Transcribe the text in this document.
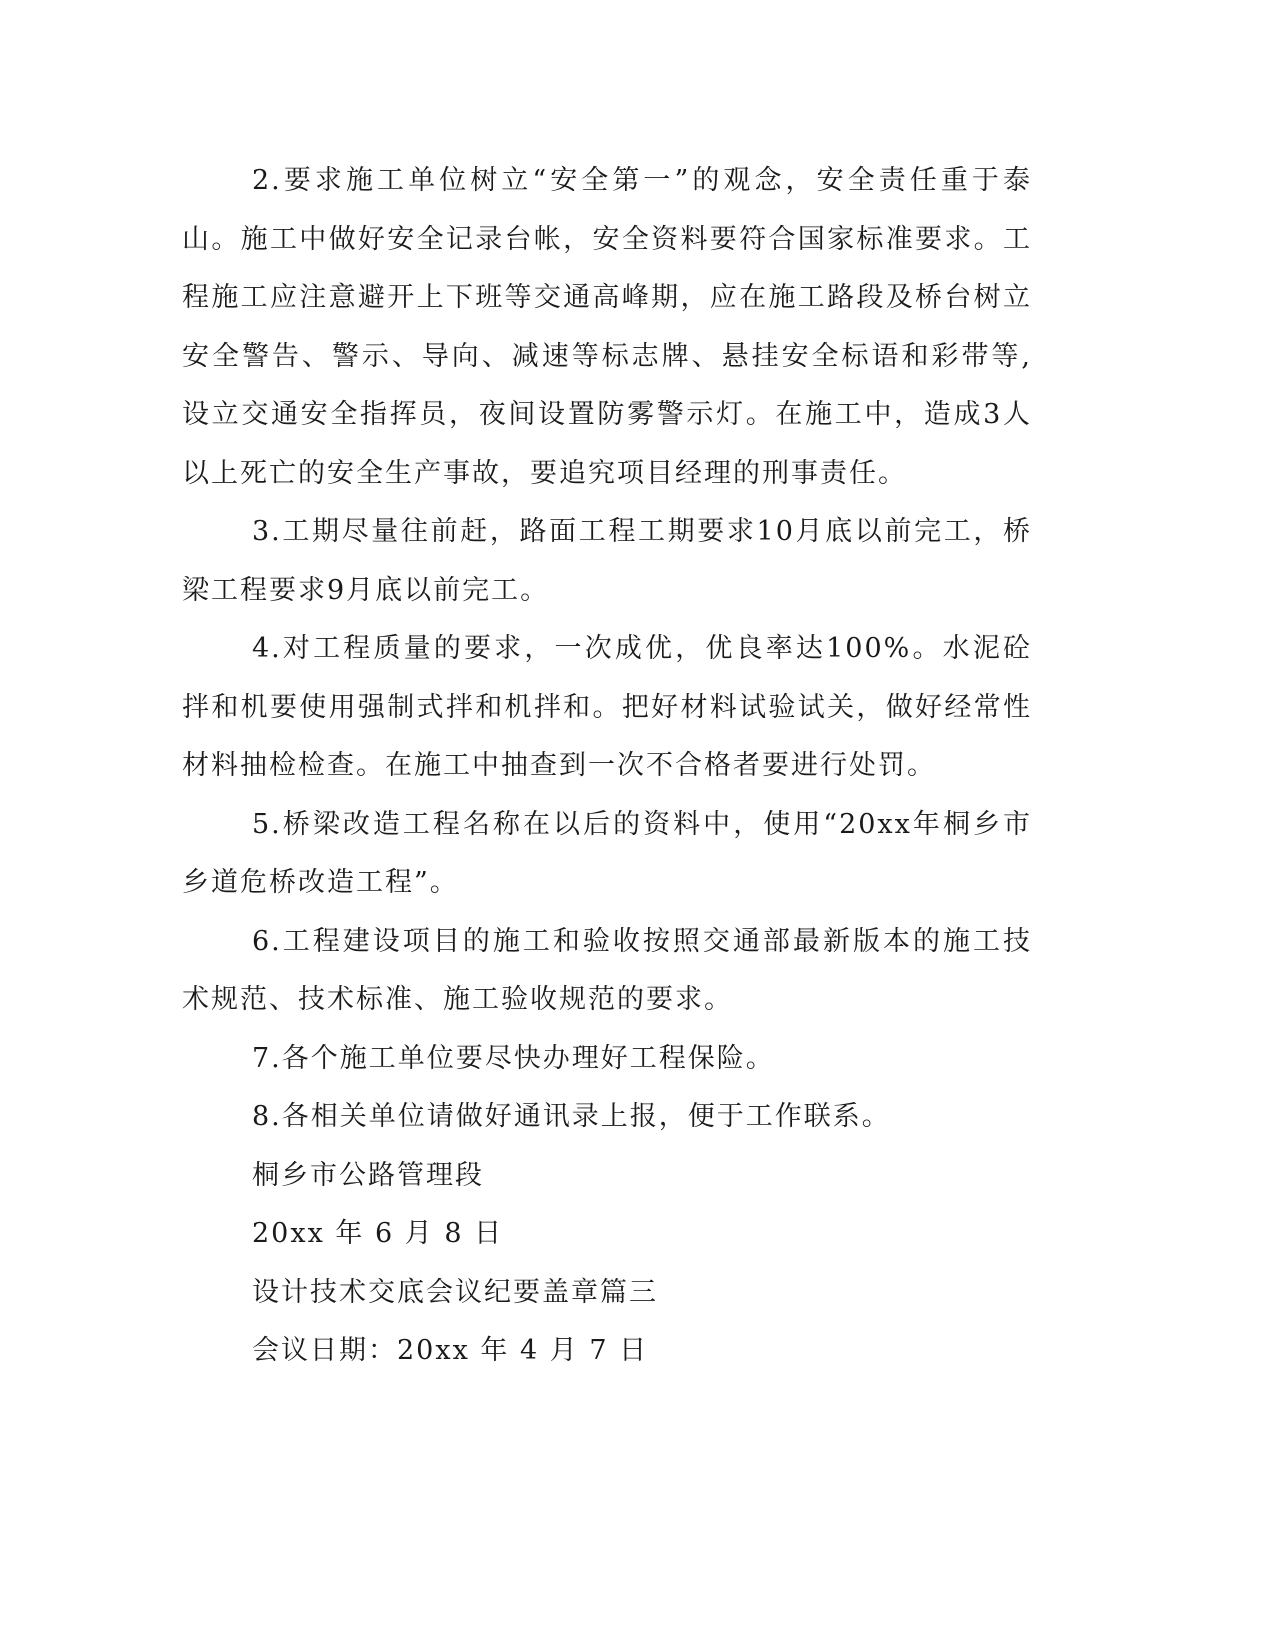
2.要求施工单位树立“安全第一”的观念，安全责任重于泰山。施工中做好安全记录台帐，安全资料要符合国家标准要求。工程施工应注意避开上下班等交通高峰期，应在施工路段及桥台树立安全警告、警示、导向、减速等标志牌、悬挂安全标语和彩带等,设立交通安全指挥员，夜间设置防雾警示灯。在施工中，造成3人以上死亡的安全生产事故，要追究项目经理的刑事责任。

3.工期尽量往前赶，路面工程工期要求10月底以前完工，桥梁工程要求9月底以前完工。

4.对工程质量的要求，一次成优，优良率达100%。水泥砼拌和机要使用强制式拌和机拌和。把好材料试验试关，做好经常性材料抽检检查。在施工中抽查到一次不合格者要进行处罚。

5.桥梁改造工程名称在以后的资料中，使用“20xx年桐乡市乡道危桥改造工程”。

6.工程建设项目的施工和验收按照交通部最新版本的施工技术规范、技术标准、施工验收规范的要求。

7.各个施工单位要尽快办理好工程保险。

8.各相关单位请做好通讯录上报，便于工作联系。

桐乡市公路管理段

20xx 年 6 月 8 日

设计技术交底会议纪要盖章篇三

会议日期：20xx 年 4 月 7 日
